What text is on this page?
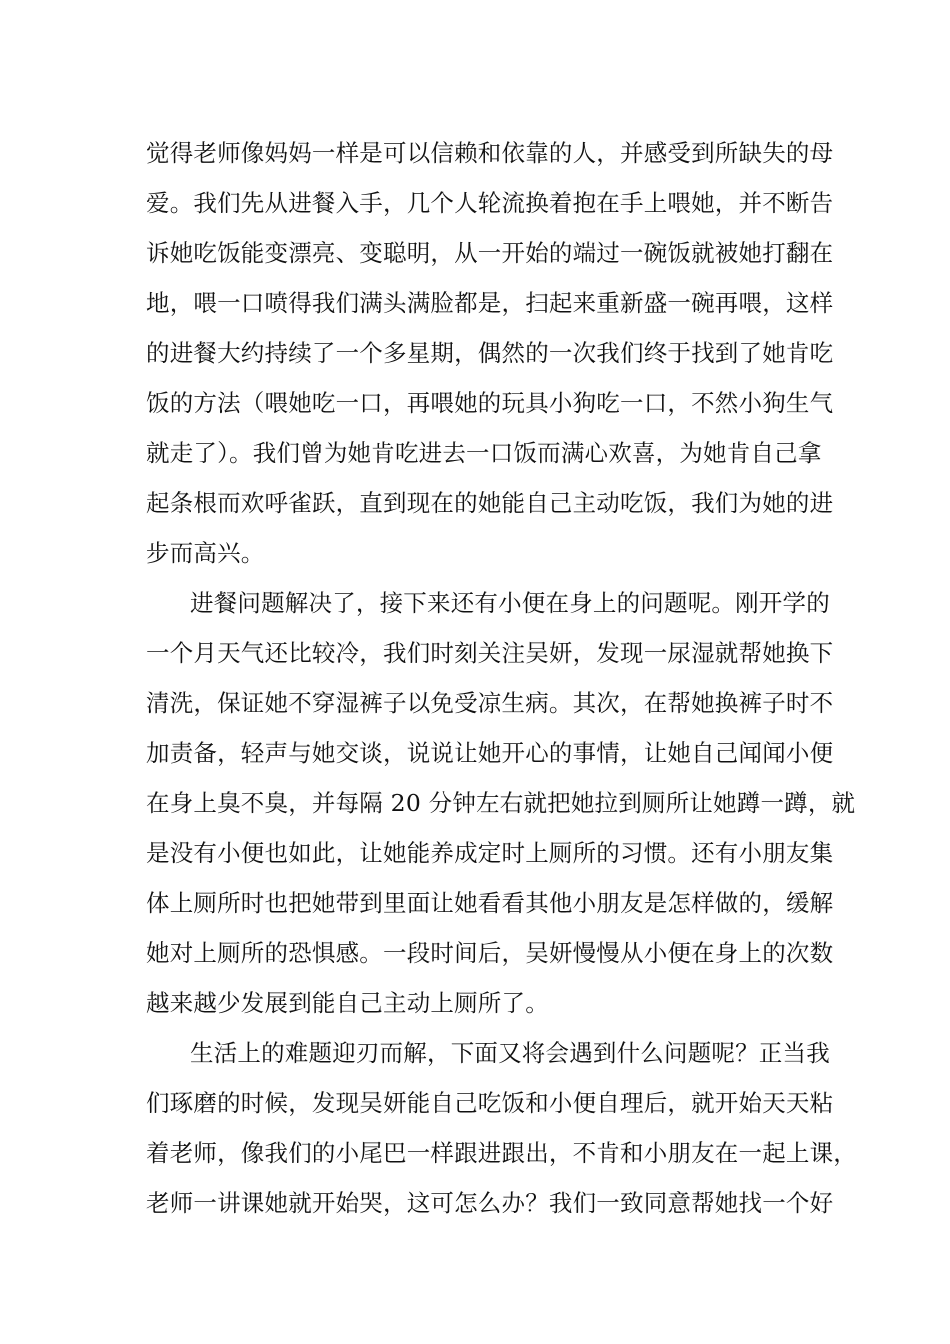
觉得老师像妈妈一样是可以信赖和依靠的人，并感受到所缺失的母
爱。我们先从进餐入手，几个人轮流换着抱在手上喂她，并不断告
诉她吃饭能变漂亮、变聪明，从一开始的端过一碗饭就被她打翻在
地，喂一口喷得我们满头满脸都是，扫起来重新盛一碗再喂，这样
的进餐大约持续了一个多星期，偶然的一次我们终于找到了她肯吃
饭的方法（喂她吃一口，再喂她的玩具小狗吃一口，不然小狗生气
就走了）。我们曾为她肯吃进去一口饭而满心欢喜，为她肯自己拿
起条根而欢呼雀跃，直到现在的她能自己主动吃饭，我们为她的进
步而高兴。
进餐问题解决了，接下来还有小便在身上的问题呢。刚开学的
一个月天气还比较冷，我们时刻关注吴妍，发现一尿湿就帮她换下
清洗，保证她不穿湿裤子以免受凉生病。其次，在帮她换裤子时不
加责备，轻声与她交谈，说说让她开心的事情，让她自己闻闻小便
在身上臭不臭，并每隔 20 分钟左右就把她拉到厕所让她蹲一蹲，就
是没有小便也如此，让她能养成定时上厕所的习惯。还有小朋友集
体上厕所时也把她带到里面让她看看其他小朋友是怎样做的，缓解
她对上厕所的恐惧感。一段时间后，吴妍慢慢从小便在身上的次数
越来越少发展到能自己主动上厕所了。
生活上的难题迎刃而解，下面又将会遇到什么问题呢？正当我
们琢磨的时候，发现吴妍能自己吃饭和小便自理后，就开始天天粘
着老师，像我们的小尾巴一样跟进跟出，不肯和小朋友在一起上课，
老师一讲课她就开始哭，这可怎么办？我们一致同意帮她找一个好
